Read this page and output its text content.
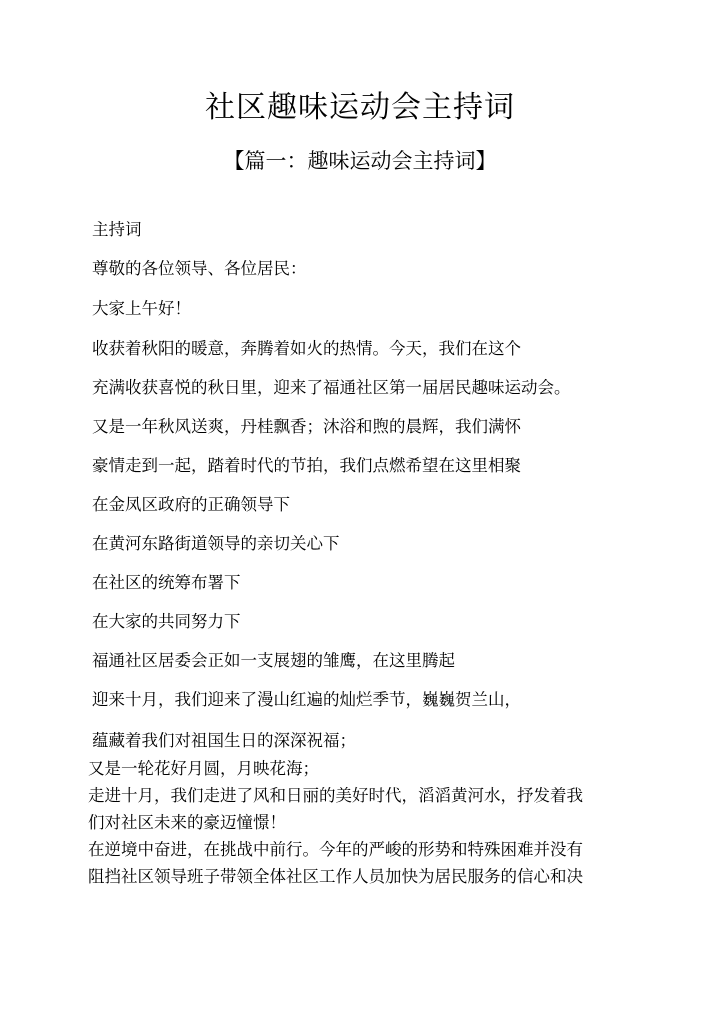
社区趣味运动会主持词
【篇一：趣味运动会主持词】
主持词
尊敬的各位领导、各位居民：
大家上午好！
收获着秋阳的暖意，奔腾着如火的热情。今天，我们在这个
充满收获喜悦的秋日里，迎来了福通社区第一届居民趣味运动会。
又是一年秋风送爽，丹桂飘香；沐浴和煦的晨辉，我们满怀
豪情走到一起，踏着时代的节拍，我们点燃希望在这里相聚
在金凤区政府的正确领导下
在黄河东路街道领导的亲切关心下
在社区的统筹布署下
在大家的共同努力下
福通社区居委会正如一支展翅的雏鹰，在这里腾起
迎来十月，我们迎来了漫山红遍的灿烂季节，巍巍贺兰山，
蕴藏着我们对祖国生日的深深祝福；
又是一轮花好月圆，月映花海；
走进十月，我们走进了风和日丽的美好时代，滔滔黄河水，抒发着我
们对社区未来的豪迈憧憬！
在逆境中奋进，在挑战中前行。今年的严峻的形势和特殊困难并没有
阻挡社区领导班子带领全体社区工作人员加快为居民服务的信心和决
